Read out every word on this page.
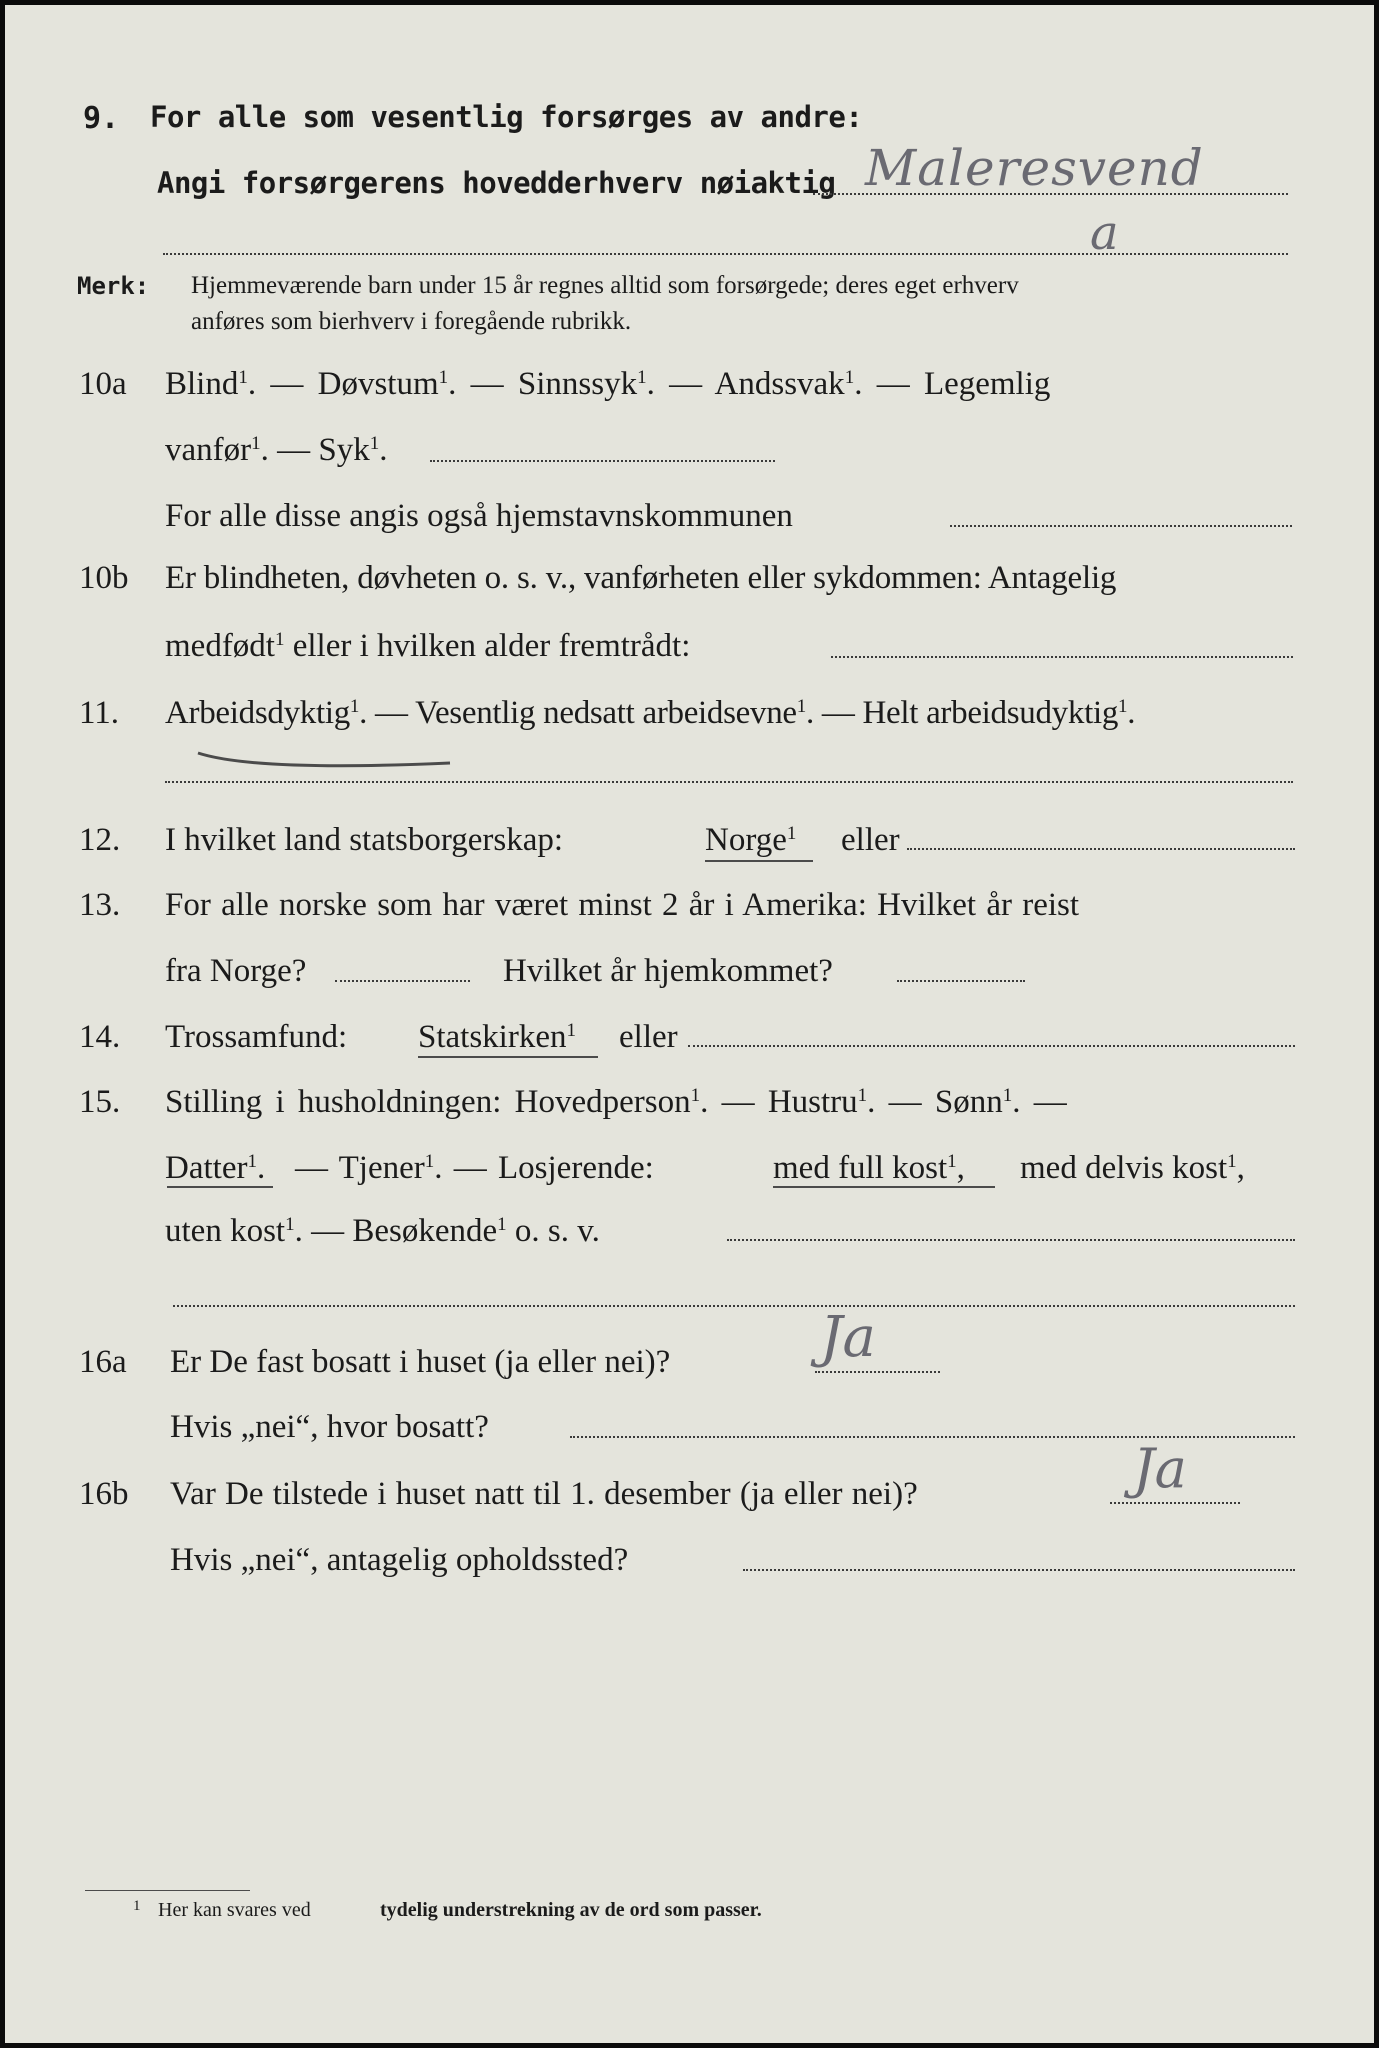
9. For alle som vesentlig forsørges av andre:
Angi forsørgerens hovedderhverv nøiaktig Maleresvend
a
Merk: Hjemmeværende barn under 15 år regnes alltid som forsørgede; deres eget erhverv
anføres som bierhverv i foregående rubrikk.
10a Blind$^1$. — Døvstum$^1$. — Sinnssyk$^1$. — Andssvak$^1$. — Legemlig
vanfør$^1$. — Syk$^1$.
For alle disse angis også hjemstavnskommunen
10b Er blindheten, døvheten o. s. v., vanførheten eller sykdommen: Antagelig
medfødt$^1$ eller i hvilken alder fremtrådt:
11. Arbeidsdyktig$^1$. — Vesentlig nedsatt arbeidsevne$^1$. — Helt arbeidsudyktig$^1$.
12. I hvilket land statsborgerskap:	Norge$^1$ eller
13. For alle norske som har været minst 2 år i Amerika: Hvilket år reist
fra Norge?	Hvilket år hjemkommet?
14. Trossamfund: Statskirken$^1$ eller
15. Stilling i husholdningen: Hovedperson$^1$. — Hustru$^1$. — Sønn$^1$. —
Datter$^1$. — Tjener$^1$. — Losjerende:	med full kost$^1$, med delvis kost$^1$,
uten kost$^1$. — Besøkende$^1$ o. s. v.
16a Er De fast bosatt i huset (ja eller nei)?	Ja
Hvis „nei“, hvor bosatt?
16b Var De tilstede i huset natt til 1. desember (ja eller nei)?	Ja
Hvis „nei“, antagelig opholdssted?
1 Her kan svares ved	tydelig understrekning av de ord som passer.
